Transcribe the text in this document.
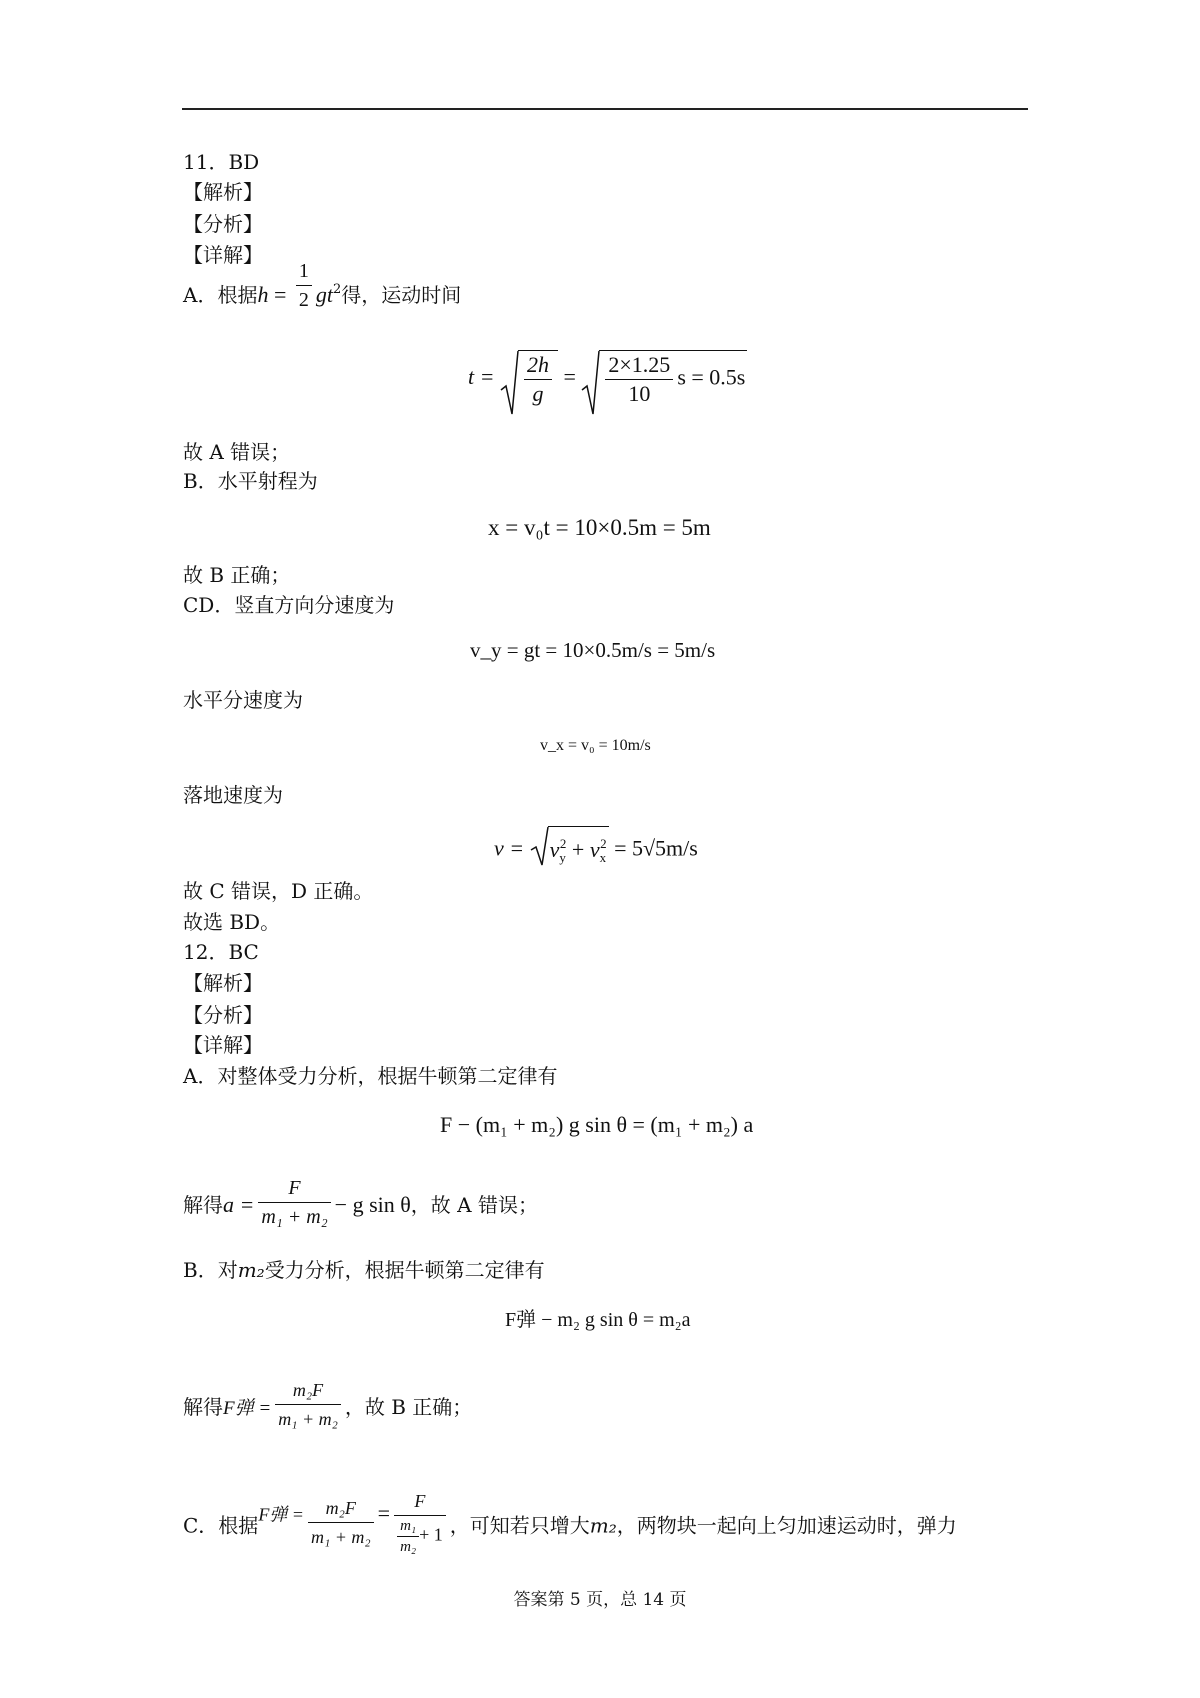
11．BD
【解析】
【分析】
【详解】
A．根据$h = \frac{1}{2} gt^2$得，运动时间
$t = \frac{2h}{g} = \frac{2\times 1.25}{10}$ s = 0.5s
故 A 错误；
B．水平射程为
x = v₀t = 10×0.5m = 5m
故 B 正确；
CD．竖直方向分速度为
v_y = gt = 10×0.5m/s = 5m/s
水平分速度为
v_x = v₀ = 10m/s
落地速度为
$v = v_y^2 + v_x^2 = 5√5m/s$
故 C 错误，D 正确。
故选 BD。
12．BC
【解析】
【分析】
【详解】
A．对整体受力分析，根据牛顿第二定律有
F − (m₁ + m₂) g sin θ = (m₁ + m₂) a
解得$a = \frac{F}{\text{m₁ + m₂}} - g$ sin θ，故 A 错误；
B．对m₂受力分析，根据牛顿第二定律有
F弹 − m₂ g sin θ = m₂a
解得F弹 = $\frac{\text{m₂F}}{\text{m₁ + m₂}}$ ，故 B 正确；
C．根据F弹 = $\frac{\text{m₂F}}{\text{m₁ + m₂}} = \frac{F}{\frac{\text{m₁}}{\text{m₂}} + 1}$ ，可知若只增大m₂，两物块一起向上匀加速运动时，弹力
答案第 5 页，总 14 页
